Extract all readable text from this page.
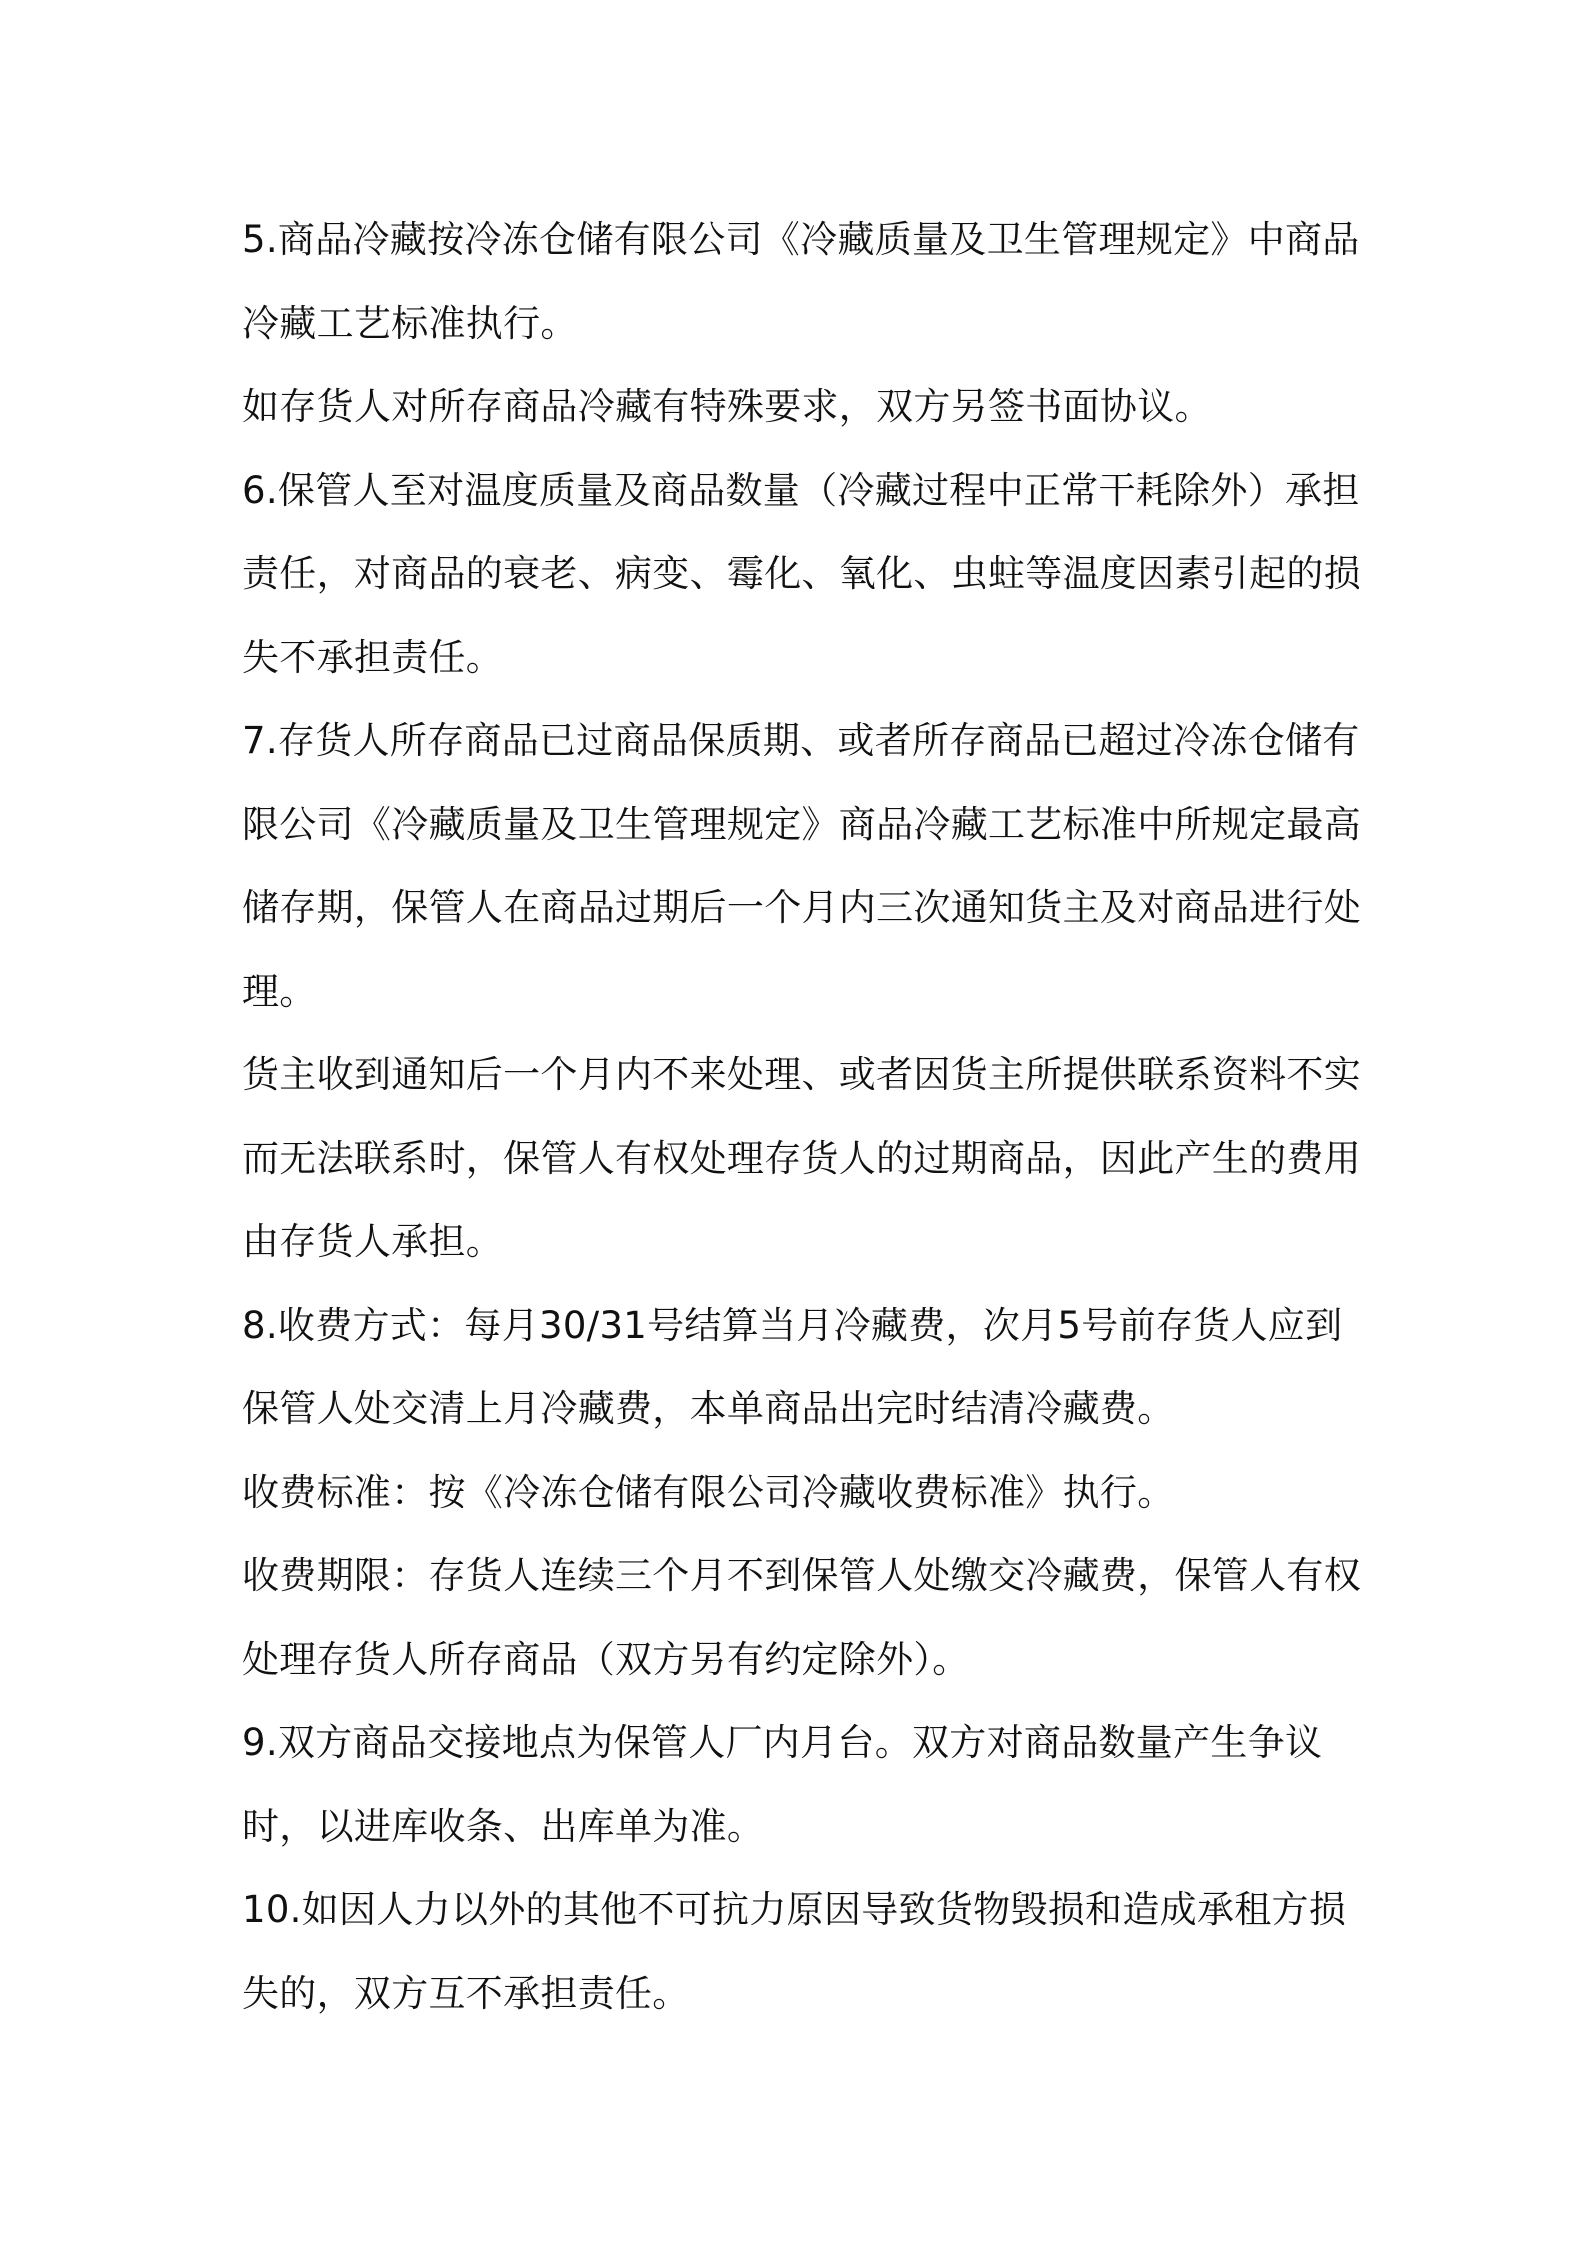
5.商品冷藏按冷冻仓储有限公司《冷藏质量及卫生管理规定》中商品冷藏工艺标准执行。

如存货人对所存商品冷藏有特殊要求，双方另签书面协议。

6.保管人至对温度质量及商品数量（冷藏过程中正常干耗除外）承担责任，对商品的衰老、病变、霉化、氧化、虫蛀等温度因素引起的损失不承担责任。

7.存货人所存商品已过商品保质期、或者所存商品已超过冷冻仓储有限公司《冷藏质量及卫生管理规定》商品冷藏工艺标准中所规定最高储存期，保管人在商品过期后一个月内三次通知货主及对商品进行处理。

货主收到通知后一个月内不来处理、或者因货主所提供联系资料不实而无法联系时，保管人有权处理存货人的过期商品，因此产生的费用由存货人承担。

8.收费方式：每月30/31号结算当月冷藏费，次月5号前存货人应到保管人处交清上月冷藏费，本单商品出完时结清冷藏费。

收费标准：按《冷冻仓储有限公司冷藏收费标准》执行。

收费期限：存货人连续三个月不到保管人处缴交冷藏费，保管人有权处理存货人所存商品（双方另有约定除外）。

9.双方商品交接地点为保管人厂内月台。双方对商品数量产生争议时，以进库收条、出库单为准。

10.如因人力以外的其他不可抗力原因导致货物毁损和造成承租方损失的，双方互不承担责任。
